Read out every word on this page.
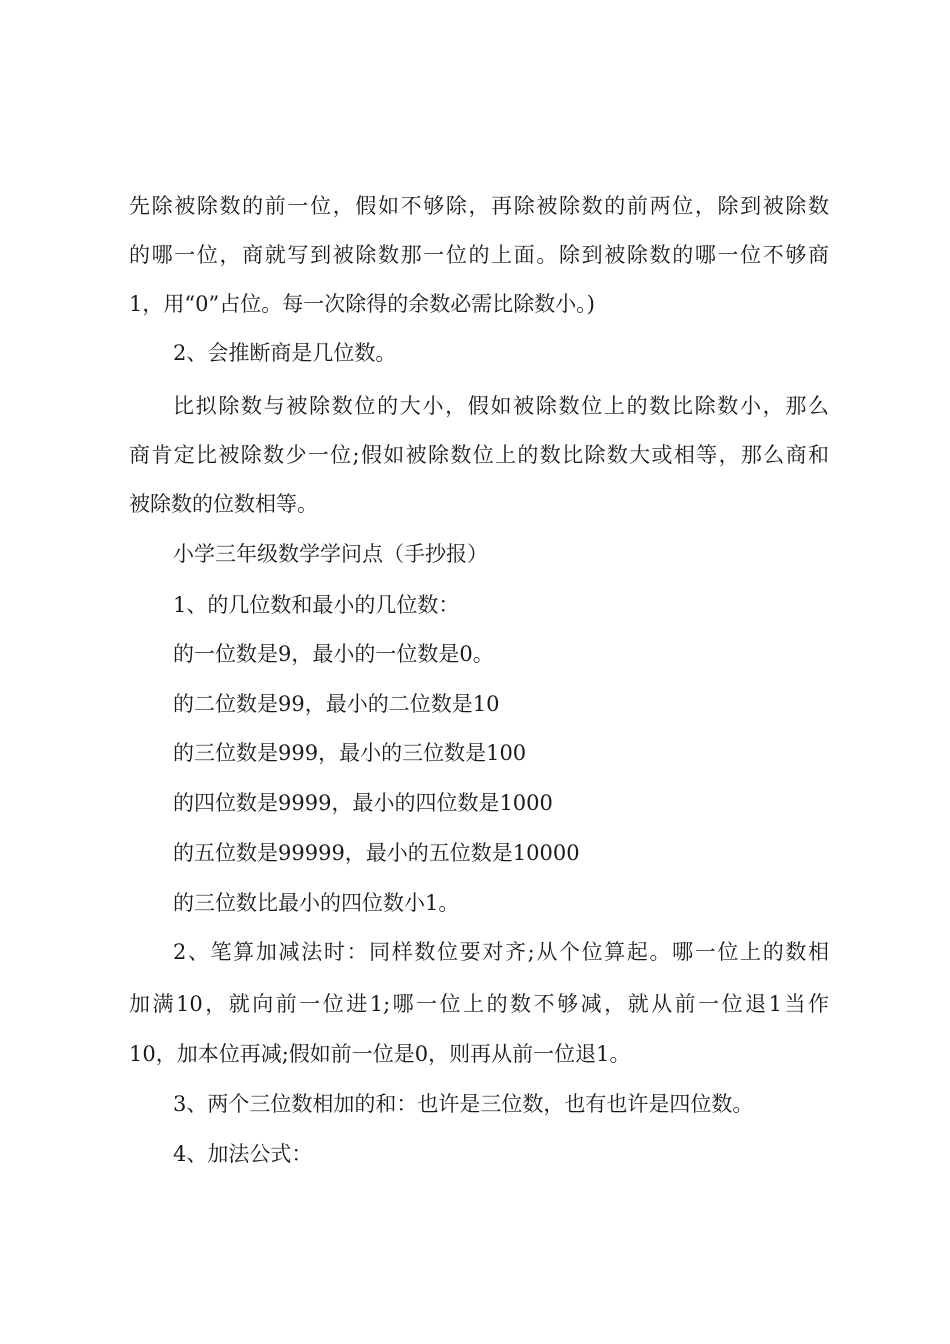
先除被除数的前一位，假如不够除，再除被除数的前两位，除到被除数
的哪一位，商就写到被除数那一位的上面。除到被除数的哪一位不够商
1，用“0”占位。每一次除得的余数必需比除数小。)
2、会推断商是几位数。
比拟除数与被除数位的大小，假如被除数位上的数比除数小，那么
商肯定比被除数少一位;假如被除数位上的数比除数大或相等，那么商和
被除数的位数相等。
小学三年级数学学问点（手抄报）
1、的几位数和最小的几位数：
的一位数是9，最小的一位数是0。
的二位数是99，最小的二位数是10
的三位数是999，最小的三位数是100
的四位数是9999，最小的四位数是1000
的五位数是99999，最小的五位数是10000
的三位数比最小的四位数小1。
2、笔算加减法时：同样数位要对齐;从个位算起。哪一位上的数相
加满10，就向前一位进1;哪一位上的数不够减，就从前一位退1当作
10，加本位再减;假如前一位是0，则再从前一位退1。
3、两个三位数相加的和：也许是三位数，也有也许是四位数。
4、加法公式：
